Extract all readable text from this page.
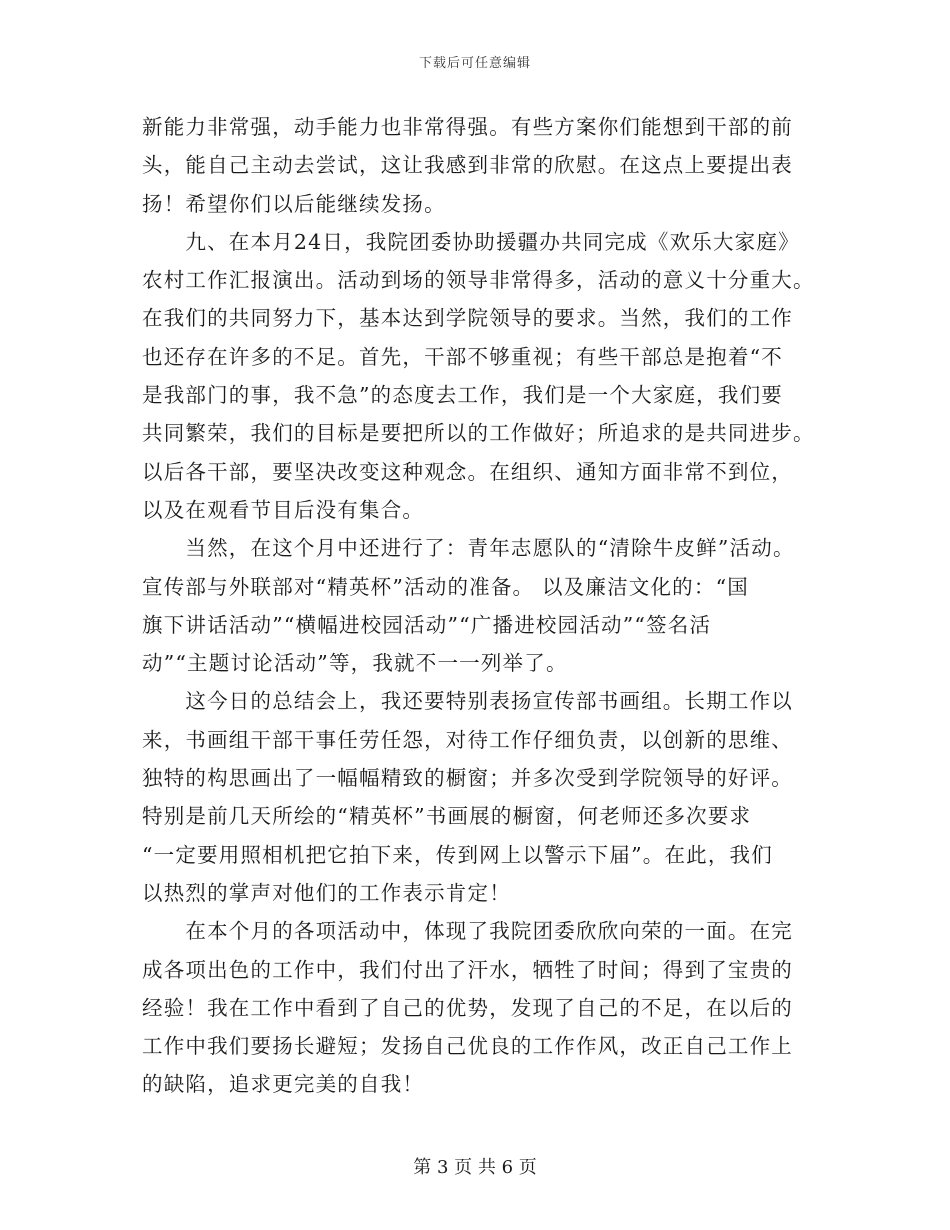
下载后可任意编辑
新能力非常强，动手能力也非常得强。有些方案你们能想到干部的前
头，能自己主动去尝试，这让我感到非常的欣慰。在这点上要提出表
扬！希望你们以后能继续发扬。
　　九、在本月24日，我院团委协助援疆办共同完成《欢乐大家庭》
农村工作汇报演出。活动到场的领导非常得多，活动的意义十分重大。
在我们的共同努力下，基本达到学院领导的要求。当然，我们的工作
也还存在许多的不足。首先，干部不够重视；有些干部总是抱着“不
是我部门的事，我不急”的态度去工作，我们是一个大家庭，我们要
共同繁荣，我们的目标是要把所以的工作做好；所追求的是共同进步。
以后各干部，要坚决改变这种观念。在组织、通知方面非常不到位，
以及在观看节目后没有集合。
　　当然，在这个月中还进行了：青年志愿队的“清除牛皮鲜”活动。
宣传部与外联部对“精英杯”活动的准备。 以及廉洁文化的：“国
旗下讲话活动”“横幅进校园活动”“广播进校园活动”“签名活
动”“主题讨论活动”等，我就不一一列举了。
　　这今日的总结会上，我还要特别表扬宣传部书画组。长期工作以
来，书画组干部干事任劳任怨，对待工作仔细负责，以创新的思维、
独特的构思画出了一幅幅精致的橱窗；并多次受到学院领导的好评。
特别是前几天所绘的“精英杯”书画展的橱窗，何老师还多次要求
“一定要用照相机把它拍下来，传到网上以警示下届”。在此，我们
以热烈的掌声对他们的工作表示肯定！
　　在本个月的各项活动中，体现了我院团委欣欣向荣的一面。在完
成各项出色的工作中，我们付出了汗水，牺牲了时间；得到了宝贵的
经验！我在工作中看到了自己的优势，发现了自己的不足，在以后的
工作中我们要扬长避短；发扬自己优良的工作作风，改正自己工作上
的缺陷，追求更完美的自我！
第 3 页 共 6 页
